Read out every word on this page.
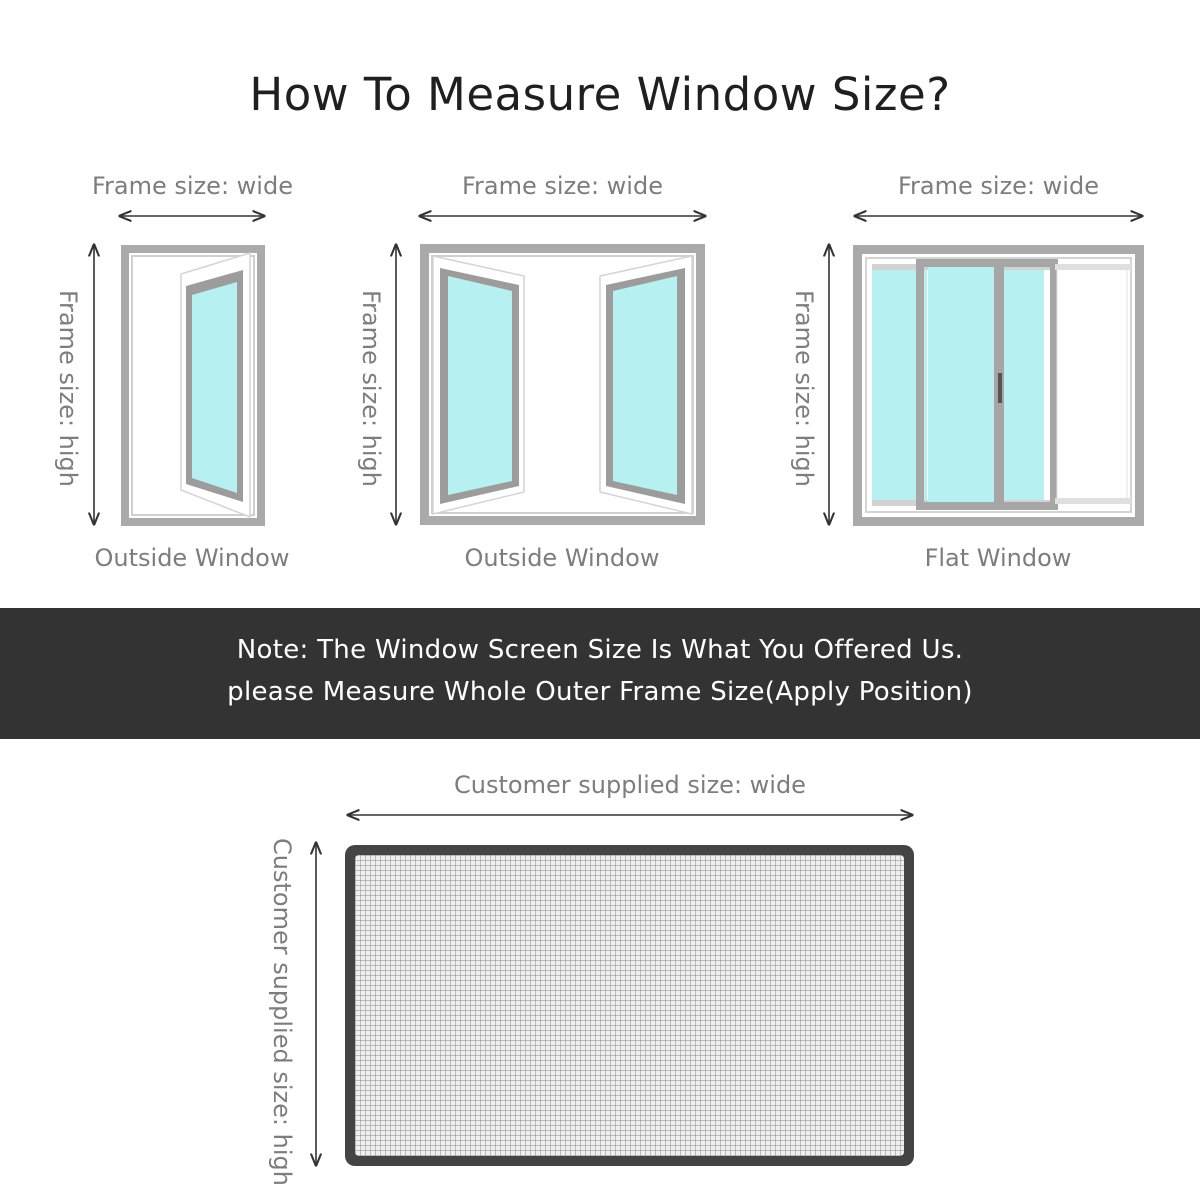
How To Measure Window Size?
Frame size: wide	Frame size: wide	Frame size: wide
Frame size: high	Frame size: high	Frame size: high
Outside Window	Outside Window	Flat Window
Note: The Window Screen Size Is What You Offered Us.
please Measure Whole Outer Frame Size(Apply Position)
Customer supplied size: wide
Customer supplied size: high
